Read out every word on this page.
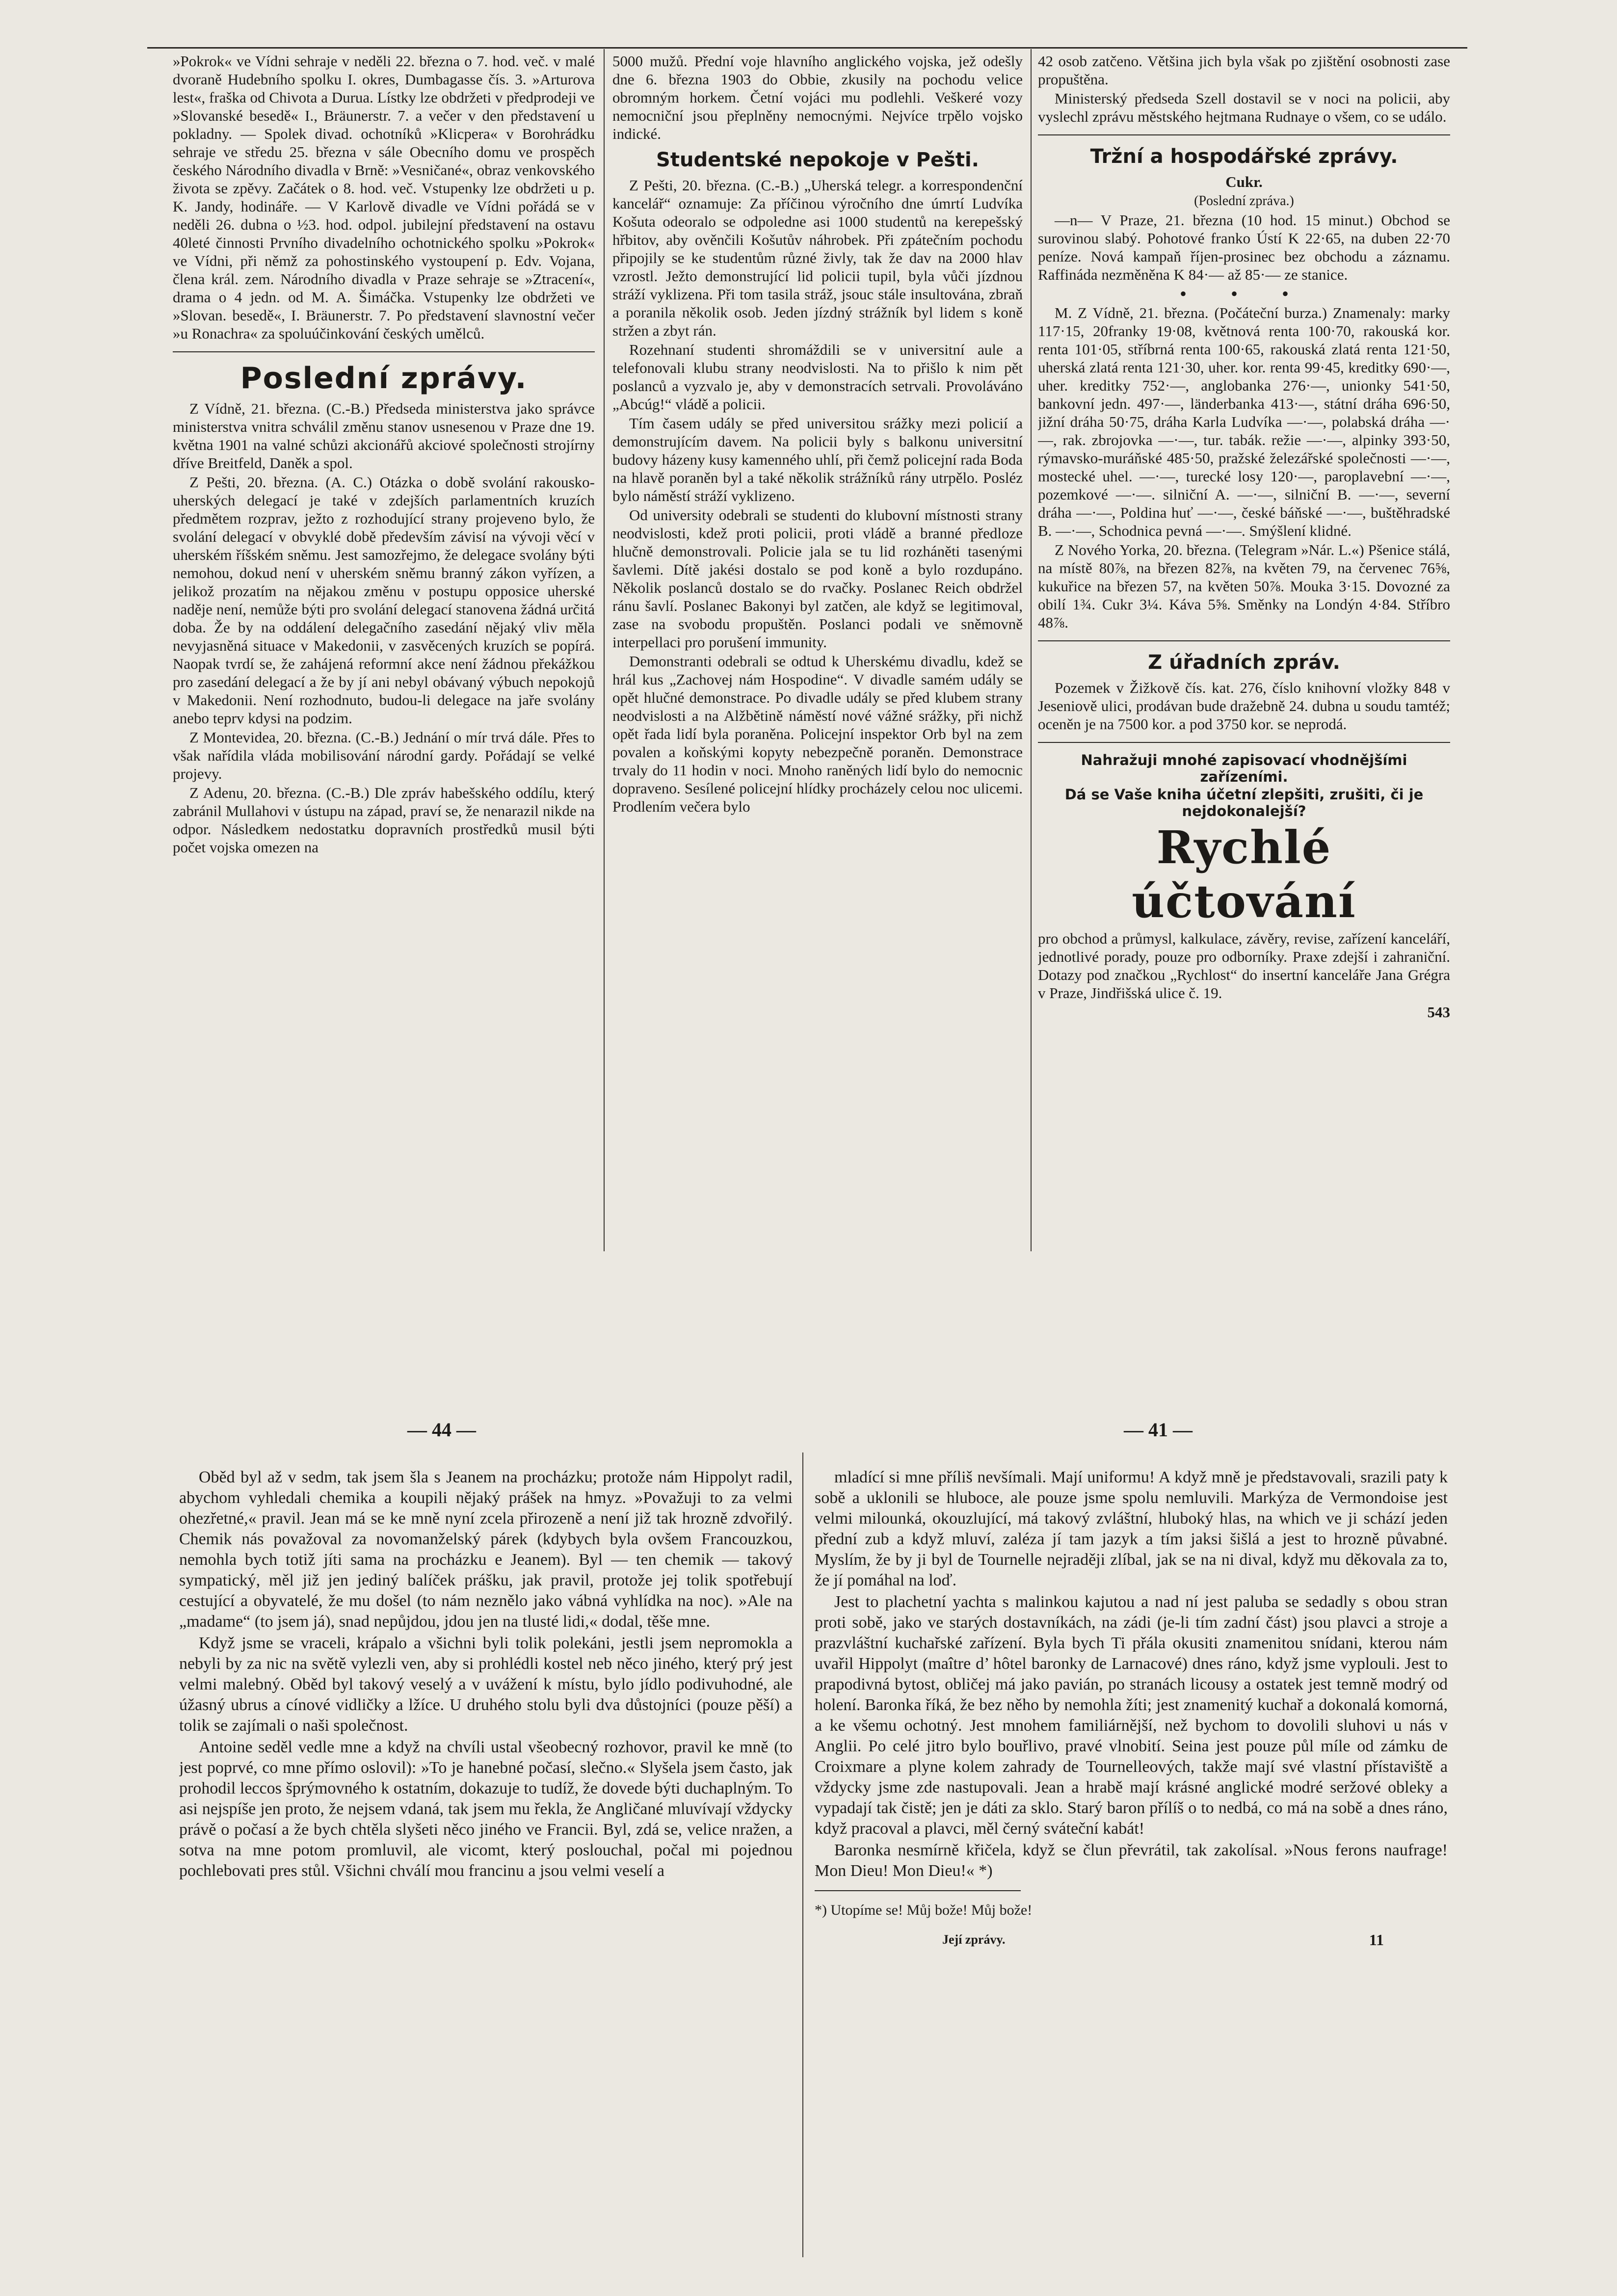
»Pokrok« ve Vídni sehraje v neděli 22. března o 7. hod. več. v malé dvoraně Hudebního spolku I. okres, Dumbagasse čís. 3. »Arturova lest«, fraška od Chivota a Durua. Lístky lze obdržeti v předprodeji ve »Slovanské besedě« I., Bräunerstr. 7. a večer v den představení u pokladny. — Spolek divad. ochotníků »Klicpera« v Borohrádku sehraje ve středu 25. března v sále Obecního domu ve prospěch českého Národního divadla v Brně: »Vesničané«, obraz venkovského života se zpěvy. Začátek o 8. hod. več. Vstupenky lze obdržeti u p. K. Jandy, hodináře. — V Karlově divadle ve Vídni pořádá se v neděli 26. dubna o ½3. hod. odpol. jubilejní představení na ostavu 40leté činnosti Prvního divadelního ochotnického spolku »Pokrok« ve Vídni, při němž za pohostinského vystoupení p. Edv. Vojana, člena král. zem. Národního divadla v Praze sehraje se »Ztracení«, drama o 4 jedn. od M. A. Šimáčka. Vstupenky lze obdržeti ve »Slovan. besedě«, I. Bräunerstr. 7. Po představení slavnostní večer »u Ronachra« za spoluúčinkování českých umělců.

Poslední zprávy.

Z Vídně, 21. března. (C.-B.) Předseda ministerstva jako správce ministerstva vnitra schválil změnu stanov usnesenou v Praze dne 19. května 1901 na valné schůzi akcionářů akciové společnosti strojírny dříve Breitfeld, Daněk a spol.

Z Pešti, 20. března. (A. C.) Otázka o době svolání rakousko-uherských delegací je také v zdejších parlamentních kruzích předmětem rozprav, ježto z rozhodující strany projeveno bylo, že svolání delegací v obvyklé době především závisí na vývoji věcí v uherském říšském sněmu. Jest samozřejmo, že delegace svolány býti nemohou, dokud není v uherském sněmu branný zákon vyřízen, a jelikož prozatím na nějakou změnu v postupu opposice uherské naděje není, nemůže býti pro svolání delegací stanovena žádná určitá doba. Že by na oddálení delegačního zasedání nějaký vliv měla nevyjasněná situace v Makedonii, v zasvěcených kruzích se popírá. Naopak tvrdí se, že zahájená reformní akce není žádnou překážkou pro zasedání delegací a že by jí ani nebyl obávaný výbuch nepokojů v Makedonii. Není rozhodnuto, budou-li delegace na jaře svolány anebo teprv kdysi na podzim.

Z Montevidea, 20. března. (C.-B.) Jednání o mír trvá dále. Přes to však nařídila vláda mobilisování národní gardy. Pořádají se velké projevy.

Z Adenu, 20. března. (C.-B.) Dle zpráv habešského oddílu, který zabránil Mullahovi v ústupu na západ, praví se, že nenarazil nikde na odpor. Následkem nedostatku dopravních prostředků musil býti počet vojska omezen na

5000 mužů. Přední voje hlavního anglického vojska, jež odešly dne 6. března 1903 do Obbie, zkusily na pochodu velice obromným horkem. Četní vojáci mu podlehli. Veškeré vozy nemocniční jsou přeplněny nemocnými. Nejvíce trpělo vojsko indické.

Studentské nepokoje v Pešti.

Z Pešti, 20. března. (C.-B.) „Uherská telegr. a korrespondenční kancelář“ oznamuje: Za příčinou výročního dne úmrtí Ludvíka Košuta odeoralo se odpoledne asi 1000 studentů na kerepešský hřbitov, aby ověnčili Košutův náhrobek. Při zpátečním pochodu připojily se ke studentům různé živly, tak že dav na 2000 hlav vzrostl. Ježto demonstrující lid policii tupil, byla vůči jízdnou stráží vyklizena. Při tom tasila stráž, jsouc stále insultována, zbraň a poranila několik osob. Jeden jízdný strážník byl lidem s koně stržen a zbyt rán.

Rozehnaní studenti shromáždili se v universitní aule a telefonovali klubu strany neodvislosti. Na to přišlo k nim pět poslanců a vyzvalo je, aby v demonstracích setrvali. Provoláváno „Abcúg!“ vládě a policii.

Tím časem udály se před universitou srážky mezi policií a demonstrujícím davem. Na policii byly s balkonu universitní budovy házeny kusy kamenného uhlí, při čemž policejní rada Boda na hlavě poraněn byl a také několik strážníků rány utrpělo. Posléz bylo náměstí stráží vyklizeno.

Od university odebrali se studenti do klubovní místnosti strany neodvislosti, kdež proti policii, proti vládě a branné předloze hlučně demonstrovali. Policie jala se tu lid rozháněti tasenými šavlemi. Dítě jakési dostalo se pod koně a bylo rozdupáno. Několik poslanců dostalo se do rvačky. Poslanec Reich obdržel ránu šavlí. Poslanec Bakonyi byl zatčen, ale když se legitimoval, zase na svobodu propuštěn. Poslanci podali ve sněmovně interpellaci pro porušení immunity.

Demonstranti odebrali se odtud k Uherskému divadlu, kdež se hrál kus „Zachovej nám Hospodine“. V divadle samém udály se opět hlučné demonstrace. Po divadle udály se před klubem strany neodvislosti a na Alžbětině náměstí nové vážné srážky, při nichž opět řada lidí byla poraněna. Policejní inspektor Orb byl na zem povalen a koňskými kopyty nebezpečně poraněn. Demonstrace trvaly do 11 hodin v noci. Mnoho raněných lidí bylo do nemocnic dopraveno. Sesílené policejní hlídky procházely celou noc ulicemi. Prodlením večera bylo

42 osob zatčeno. Většina jich byla však po zjištění osobnosti zase propuštěna.

Ministerský předseda Szell dostavil se v noci na policii, aby vyslechl zprávu městského hejtmana Rudnaye o všem, co se událo.

Tržní a hospodářské zprávy.

Cukr.

(Poslední zpráva.)

—n— V Praze, 21. března (10 hod. 15 minut.) Obchod se surovinou slabý. Pohotové franko Ústí K 22·65, na duben 22·70 peníze. Nová kampaň říjen-prosinec bez obchodu a záznamu. Raffináda nezměněna K 84·— až 85·— ze stanice.

• • •

M. Z Vídně, 21. března. (Počáteční burza.) Znamenaly: marky 117·15, 20franky 19·08, květnová renta 100·70, rakouská kor. renta 101·05, stříbrná renta 100·65, rakouská zlatá renta 121·50, uherská zlatá renta 121·30, uher. kor. renta 99·45, kreditky 690·—, uher. kreditky 752·—, anglobanka 276·—, unionky 541·50, bankovní jedn. 497·—, länderbanka 413·—, státní dráha 696·50, jižní dráha 50·75, dráha Karla Ludvíka —·—, polabská dráha —·—, rak. zbrojovka —·—, tur. tabák. režie —·—, alpinky 393·50, rýmavsko-muráňské 485·50, pražské železářské společnosti —·—, mostecké uhel. —·—, turecké losy 120·—, paroplavební —·—, pozemkové —·—. silniční A. —·—, silniční B. —·—, severní dráha —·—, Poldina huť —·—, české báňské —·—, buštěhradské B. —·—, Schodnica pevná —·—. Smýšlení klidné.

Z Nového Yorka, 20. března. (Telegram »Nár. L.«) Pšenice stálá, na místě 80⅞, na březen 82⅞, na květen 79, na červenec 76⅝, kukuřice na březen 57, na květen 50⅞. Mouka 3·15. Dovozné za obilí 1¾. Cukr 3¼. Káva 5⅝. Směnky na Londýn 4·84. Stříbro 48⅞.

Z úřadních zpráv.

Pozemek v Žižkově čís. kat. 276, číslo knihovní vložky 848 v Jeseniově ulici, prodávan bude dražebně 24. dubna u soudu tamtéž; oceněn je na 7500 kor. a pod 3750 kor. se neprodá.

Nahražuji mnohé zapisovací vhodnějšími zařízeními.

Dá se Vaše kniha účetní zlepšiti, zrušiti, či je nejdokonalejší?

Rychlé účtování

pro obchod a průmysl, kalkulace, závěry, revise, zařízení kanceláří, jednotlivé porady, pouze pro odborníky. Praxe zdejší i zahraniční. Dotazy pod značkou „Rychlost“ do insertní kanceláře Jana Grégra v Praze, Jindřišská ulice č. 19.

543

— 44 —	— 41 —

Oběd byl až v sedm, tak jsem šla s Jeanem na procházku; protože nám Hippolyt radil, abychom vyhledali chemika a koupili nějaký prášek na hmyz. »Považuji to za velmi ohezřetné,« pravil. Jean má se ke mně nyní zcela přirozeně a není již tak hrozně zdvořilý. Chemik nás považoval za novomanželský párek (kdybych byla ovšem Francouzkou, nemohla bych totiž jíti sama na procházku e Jeanem). Byl — ten chemik — takový sympatický, měl již jen jediný balíček prášku, jak pravil, protože jej tolik spotřebují cestující a obyvatelé, že mu došel (to nám neznělo jako vábná vyhlídka na noc). »Ale na „madame“ (to jsem já), snad nepůjdou, jdou jen na tlusté lidi,« dodal, těše mne.

Když jsme se vraceli, krápalo a všichni byli tolik polekáni, jestli jsem nepromokla a nebyli by za nic na světě vylezli ven, aby si prohlédli kostel neb něco jiného, který prý jest velmi malebný. Oběd byl takový veselý a v uvážení k místu, bylo jídlo podivuhodné, ale úžasný ubrus a cínové vidličky a lžíce. U druhého stolu byli dva důstojníci (pouze pěší) a tolik se zajímali o naši společnost.

Antoine seděl vedle mne a když na chvíli ustal všeobecný rozhovor, pravil ke mně (to jest poprvé, co mne přímo oslovil): »To je hanebné počasí, slečno.« Slyšela jsem často, jak prohodil leccos šprýmovného k ostatním, dokazuje to tudíž, že dovede býti duchaplným. To asi nejspíše jen proto, že nejsem vdaná, tak jsem mu řekla, že Angličané mluvívají vždycky právě o počasí a že bych chtěla slyšeti něco jiného ve Francii. Byl, zdá se, velice nražen, a sotva na mne potom promluvil, ale vicomt, který poslouchal, počal mi pojednou pochlebovati pres stůl. Všichni chválí mou francinu a jsou velmi veselí a

mladící si mne příliš nevšímali. Mají uniformu! A když mně je představovali, srazili paty k sobě a uklonili se hluboce, ale pouze jsme spolu nemluvili. Markýza de Vermondoise jest velmi milounká, okouzlující, má takový zvláštní, hluboký hlas, na which ve ji schází jeden přední zub a když mluví, zaléza jí tam jazyk a tím jaksi šišlá a jest to hrozně půvabné. Myslím, že by ji byl de Tournelle nejraději zlíbal, jak se na ni dival, když mu děkovala za to, že jí pomáhal na loď.

Jest to plachetní yachta s malinkou kajutou a nad ní jest paluba se sedadly s obou stran proti sobě, jako ve starých dostavníkách, na zádi (je-li tím zadní část) jsou plavci a stroje a prazvláštní kuchařské zařízení. Byla bych Ti přála okusiti znamenitou snídani, kterou nám uvařil Hippolyt (maître d’ hôtel baronky de Larnacové) dnes ráno, když jsme vyplouli. Jest to prapodivná bytost, obličej má jako pavián, po stranách licousy a ostatek jest temně modrý od holení. Baronka říká, že bez něho by nemohla žíti; jest znamenitý kuchař a dokonalá komorná, a ke všemu ochotný. Jest mnohem familiárnější, než bychom to dovolili sluhovi u nás v Anglii. Po celé jitro bylo bouřlivo, pravé vlnobití. Seina jest pouze půl míle od zámku de Croixmare a plyne kolem zahrady de Tournelleových, takže mají své vlastní přístaviště a vždycky jsme zde nastupovali. Jean a hrabě mají krásné anglické modré seržové obleky a vypadají tak čistě; jen je dáti za sklo. Starý baron přílíš o to nedbá, co má na sobě a dnes ráno, když pracoval a plavci, měl černý sváteční kabát!

Baronka nesmírně křičela, když se člun převrátil, tak zakolísal. »Nous ferons naufrage! Mon Dieu! Mon Dieu!« *)

*) Utopíme se! Můj bože! Můj bože!

Její zprávy.	11
